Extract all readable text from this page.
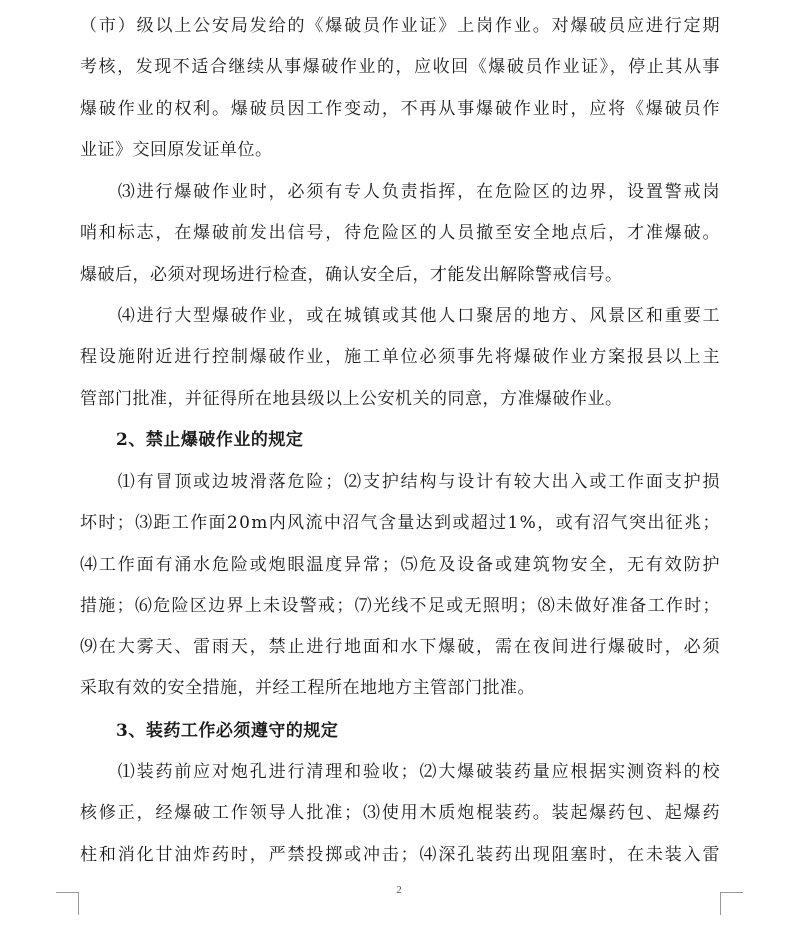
（市）级以上公安局发给的《爆破员作业证》上岗作业。对爆破员应进行定期
考核，发现不适合继续从事爆破作业的，应收回《爆破员作业证》，停止其从事
爆破作业的权利。爆破员因工作变动，不再从事爆破作业时，应将《爆破员作
业证》交回原发证单位。

　　⑶进行爆破作业时，必须有专人负责指挥，在危险区的边界，设置警戒岗
哨和标志，在爆破前发出信号，待危险区的人员撤至安全地点后，才准爆破。
爆破后，必须对现场进行检查，确认安全后，才能发出解除警戒信号。

　　⑷进行大型爆破作业，或在城镇或其他人口聚居的地方、风景区和重要工
程设施附近进行控制爆破作业，施工单位必须事先将爆破作业方案报县以上主
管部门批准，并征得所在地县级以上公安机关的同意，方准爆破作业。

2、禁止爆破作业的规定

　　⑴有冒顶或边坡滑落危险；⑵支护结构与设计有较大出入或工作面支护损
坏时；⑶距工作面20m内风流中沼气含量达到或超过1%，或有沼气突出征兆；
⑷工作面有涌水危险或炮眼温度异常；⑸危及设备或建筑物安全，无有效防护
措施；⑹危险区边界上未设警戒；⑺光线不足或无照明；⑻未做好准备工作时；
⑼在大雾天、雷雨天，禁止进行地面和水下爆破，需在夜间进行爆破时，必须
采取有效的安全措施，并经工程所在地地方主管部门批准。

3、装药工作必须遵守的规定

　　⑴装药前应对炮孔进行清理和验收；⑵大爆破装药量应根据实测资料的校
核修正，经爆破工作领导人批准；⑶使用木质炮棍装药。装起爆药包、起爆药
柱和消化甘油炸药时，严禁投掷或冲击；⑷深孔装药出现阻塞时，在未装入雷

2
